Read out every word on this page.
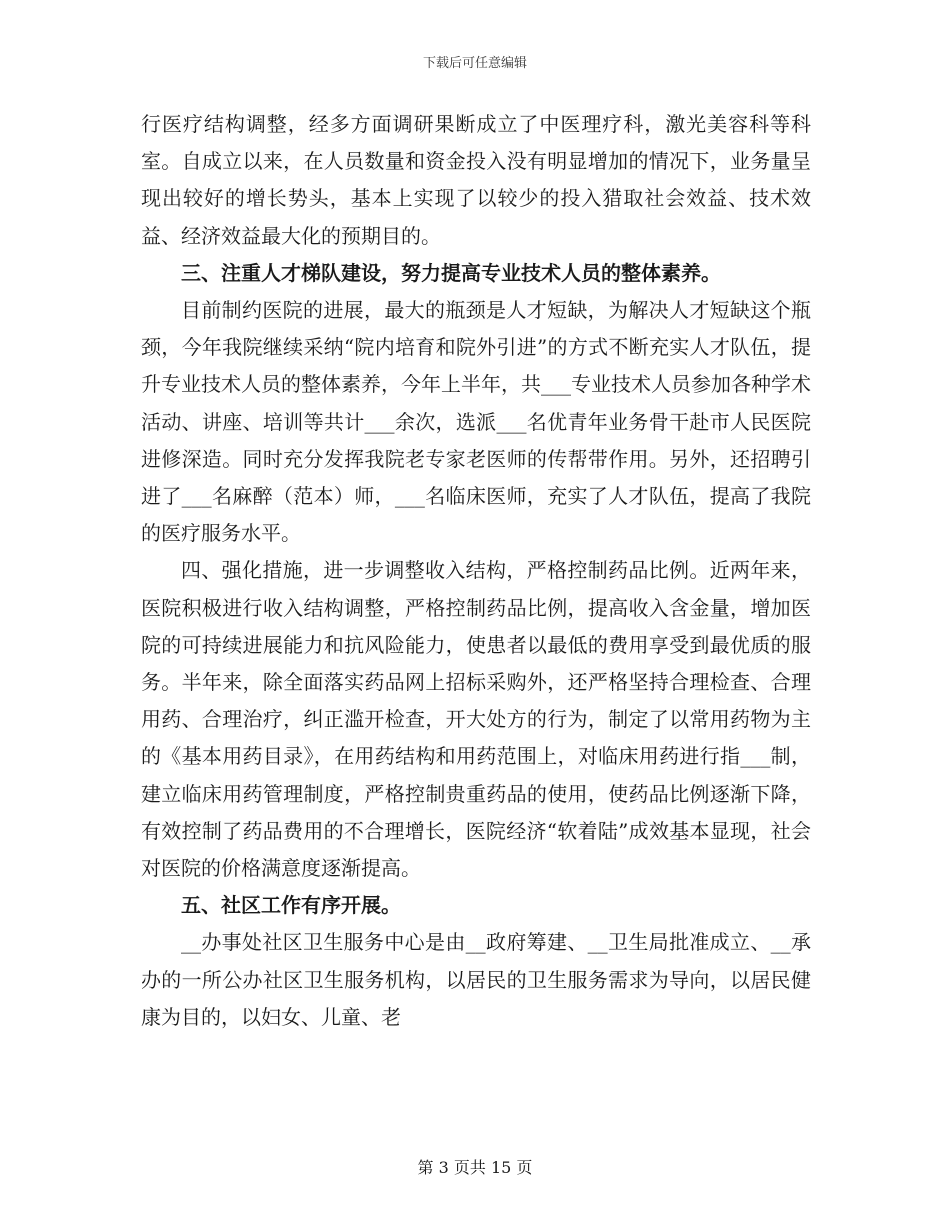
下载后可任意编辑

行医疗结构调整，经多方面调研果断成立了中医理疗科，激光美容科等科室。自成立以来，在人员数量和资金投入没有明显增加的情况下，业务量呈现出较好的增长势头，基本上实现了以较少的投入猎取社会效益、技术效益、经济效益最大化的预期目的。

三、注重人才梯队建设，努力提高专业技术人员的整体素养。

目前制约医院的进展，最大的瓶颈是人才短缺，为解决人才短缺这个瓶颈，今年我院继续采纳“院内培育和院外引进”的方式不断充实人才队伍，提升专业技术人员的整体素养，今年上半年，共___专业技术人员参加各种学术活动、讲座、培训等共计___余次，选派___名优青年业务骨干赴市人民医院进修深造。同时充分发挥我院老专家老医师的传帮带作用。另外，还招聘引进了___名麻醉（范本）师，___名临床医师，充实了人才队伍，提高了我院的医疗服务水平。

四、强化措施，进一步调整收入结构，严格控制药品比例。近两年来，医院积极进行收入结构调整，严格控制药品比例，提高收入含金量，增加医院的可持续进展能力和抗风险能力，使患者以最低的费用享受到最优质的服务。半年来，除全面落实药品网上招标采购外，还严格坚持合理检查、合理用药、合理治疗，纠正滥开检查，开大处方的行为，制定了以常用药物为主的《基本用药目录》，在用药结构和用药范围上，对临床用药进行指___制，建立临床用药管理制度，严格控制贵重药品的使用，使药品比例逐渐下降，有效控制了药品费用的不合理增长，医院经济“软着陆”成效基本显现，社会对医院的价格满意度逐渐提高。

五、社区工作有序开展。

__办事处社区卫生服务中心是由__政府筹建、__卫生局批准成立、__承办的一所公办社区卫生服务机构，以居民的卫生服务需求为导向，以居民健康为目的，以妇女、儿童、老

第 3 页共 15 页
